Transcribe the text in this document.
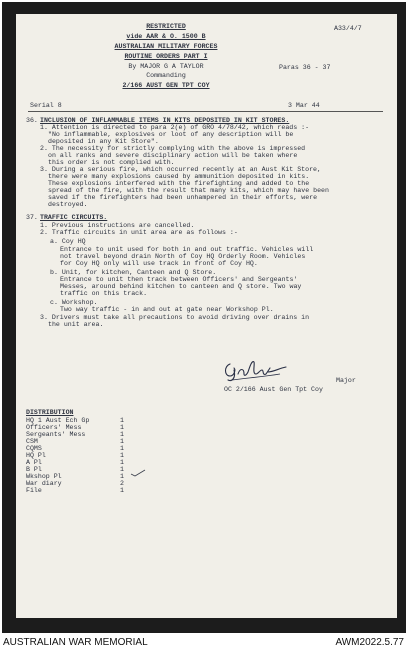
RESTRICTED	A33/4/7
vide AAR & O. 1500 B
AUSTRALIAN MILITARY FORCES
ROUTINE ORDERS PART I
By MAJOR G A TAYLOR	Paras 36 - 37
Commanding
2/166 AUST GEN TPT COY
Serial 8	3 Mar 44
36. INCLUSION OF INFLAMMABLE ITEMS IN KITS DEPOSITED IN KIT STORES.
1. Attention is directed to para 2(e) of GRO 4/78/42, which reads :-
"No inflammable, explosives or loot of any description will be
deposited in any Kit Store".
2. The necessity for strictly complying with the above is impressed
on all ranks and severe disciplinary action will be taken where
this order is not complied with.
3. During a serious fire, which occurred recently at an Aust Kit Store,
there were many explosions caused by ammunition deposited in kits.
These explosions interfered with the firefighting and added to the
spread of the fire, with the result that many kits, which may have been
saved if the firefighters had been unhampered in their efforts, were
destroyed.
37. TRAFFIC CIRCUITS.
1. Previous instructions are cancelled.
2. Traffic circuits in unit area are as follows :-
a. Coy HQ
Entrance to unit used for both in and out traffic. Vehicles will
not travel beyond drain North of Coy HQ Orderly Room. Vehicles
for Coy HQ only will use track in front of Coy HQ.
b. Unit, for kitchen, Canteen and Q Store.
Entrance to unit then track between Officers' and Sergeants'
Messes, around behind kitchen to canteen and Q store. Two way
traffic on this track.
c. Workshop.
Two way traffic - in and out at gate near Workshop Pl.
3. Drivers must take all precautions to avoid driving over drains in
the unit area.
Major
OC 2/166 Aust Gen Tpt Coy
DISTRIBUTION
HQ 1 Aust Ech Gp	1
Officers' Mess	1
Sergeants' Mess	1
CSM	1
CQMS	1
HQ Pl	1
A Pl	1
B Pl	1
Wkshop Pl	1
War diary	2
File	1
AUSTRALIAN WAR MEMORIAL	AWM2022.5.77
